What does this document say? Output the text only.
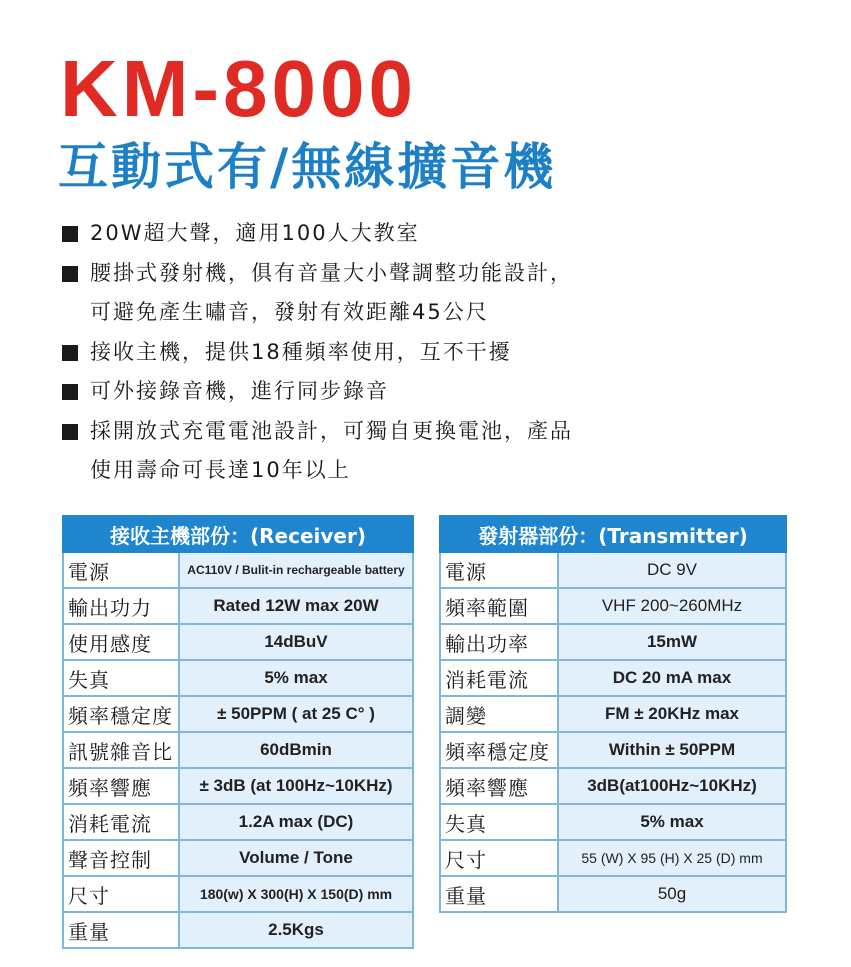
KM-8000
互動式有/無線擴音機
20W超大聲，適用100人大教室
腰掛式發射機，俱有音量大小聲調整功能設計，
可避免產生嘯音，發射有效距離45公尺
接收主機，提供18種頻率使用，互不干擾
可外接錄音機，進行同步錄音
採開放式充電電池設計，可獨自更換電池，產品
使用壽命可長達10年以上
接收主機部份：(Receiver)	
電源	AC110V / Bulit-in rechargeable battery
輸出功力	Rated 12W max 20W
使用感度	14dBuV
失真	5% max
頻率穩定度	± 50PPM ( at 25 C° )
訊號雜音比	60dBmin
頻率響應	± 3dB (at 100Hz~10KHz)
消耗電流	1.2A max (DC)
聲音控制	Volume / Tone
尺寸	180(w) X 300(H) X 150(D) mm
重量	2.5Kgs
發射器部份：(Transmitter)	
電源	DC 9V
頻率範圍	VHF 200~260MHz
輸出功率	15mW
消耗電流	DC 20 mA max
調變	FM ± 20KHz max
頻率穩定度	Within ± 50PPM
頻率響應	3dB(at100Hz~10KHz)
失真	5% max
尺寸	55 (W) X 95 (H) X 25 (D) mm
重量	50g
